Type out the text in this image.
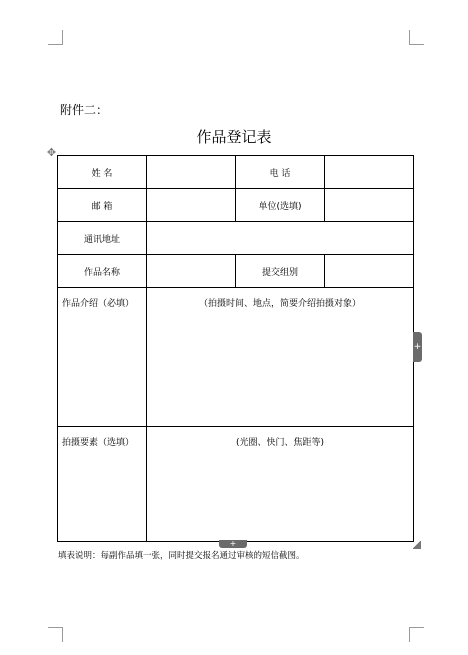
附件二：
作品登记表
✥
姓 名		电 话	
邮 箱		单位(选填)	
通讯地址			
作品名称		提交组别	
作品介绍（必填）	（拍摄时间、地点，简要介绍拍摄对象）		
拍摄要素（选填）	(光圈、快门、焦距等)		
+
+
填表说明：每副作品填一张，同时提交报名通过审核的短信截图。
